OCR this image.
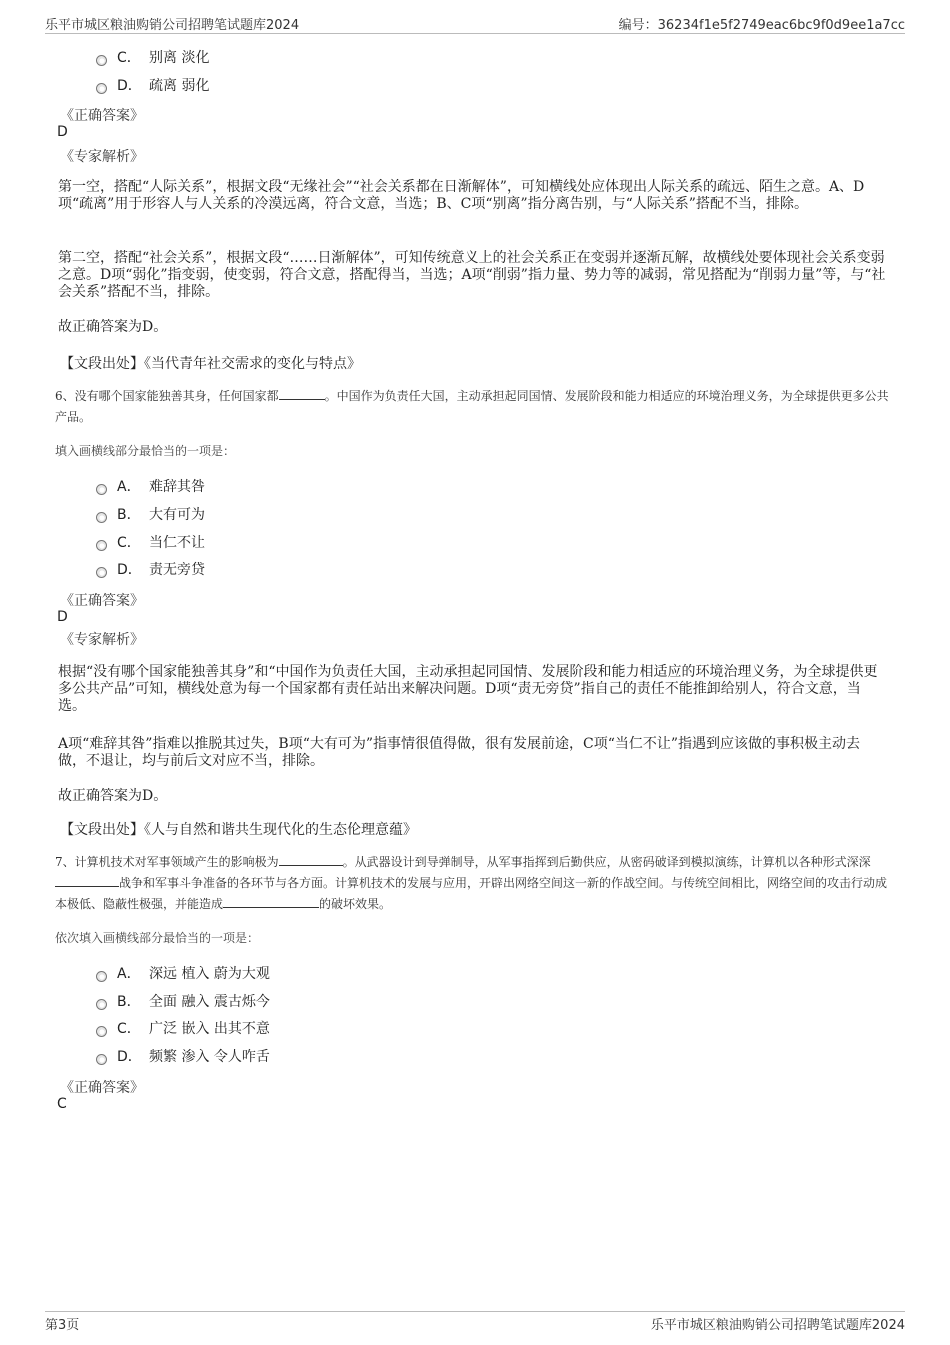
乐平市城区粮油购销公司招聘笔试题库2024	编号：36234f1e5f2749eac6bc9f0d9ee1a7cc
C． 别离 淡化
D． 疏离 弱化
《正确答案》
D
《专家解析》
第一空，搭配“人际关系”，根据文段“无缘社会”“社会关系都在日渐解体”，可知横线处应体现出人际关系的疏远、陌生之意。A、D项“疏离”用于形容人与人关系的冷漠远离，符合文意，当选；B、C项“别离”指分离告别，与“人际关系”搭配不当，排除。
第二空，搭配“社会关系”，根据文段“……日渐解体”，可知传统意义上的社会关系正在变弱并逐渐瓦解，故横线处要体现社会关系变弱之意。D项“弱化”指变弱，使变弱，符合文意，搭配得当，当选；A项“削弱”指力量、势力等的减弱，常见搭配为“削弱力量”等，与“社会关系”搭配不当，排除。
故正确答案为D。
【文段出处】《当代青年社交需求的变化与特点》
6、没有哪个国家能独善其身，任何国家都	。中国作为负责任大国，主动承担起同国情、发展阶段和能力相适应的环境治理义务，为全球提供更多公共产品。
填入画横线部分最恰当的一项是：
A． 难辞其咎
B． 大有可为
C． 当仁不让
D． 责无旁贷
《正确答案》
D
《专家解析》
根据“没有哪个国家能独善其身”和“中国作为负责任大国，主动承担起同国情、发展阶段和能力相适应的环境治理义务，为全球提供更多公共产品”可知，横线处意为每一个国家都有责任站出来解决问题。D项“责无旁贷”指自己的责任不能推卸给别人，符合文意，当选。
A项“难辞其咎”指难以推脱其过失，B项“大有可为”指事情很值得做，很有发展前途，C项“当仁不让”指遇到应该做的事积极主动去做，不退让，均与前后文对应不当，排除。
故正确答案为D。
【文段出处】《人与自然和谐共生现代化的生态伦理意蕴》
7、计算机技术对军事领域产生的影响极为	。从武器设计到导弹制导，从军事指挥到后勤供应，从密码破译到模拟演练，计算机以各种形式深深战争和军事斗争准备的各环节与各方面。计算机技术的发展与应用，开辟出网络空间这一新的作战空间。与传统空间相比，网络空间的攻击行动成本极低、隐蔽性极强，并能造成	的破坏效果。
依次填入画横线部分最恰当的一项是：
A． 深远 植入 蔚为大观
B． 全面 融入 震古烁今
C． 广泛 嵌入 出其不意
D． 频繁 渗入 令人咋舌
《正确答案》
C
第3页	乐平市城区粮油购销公司招聘笔试题库2024
